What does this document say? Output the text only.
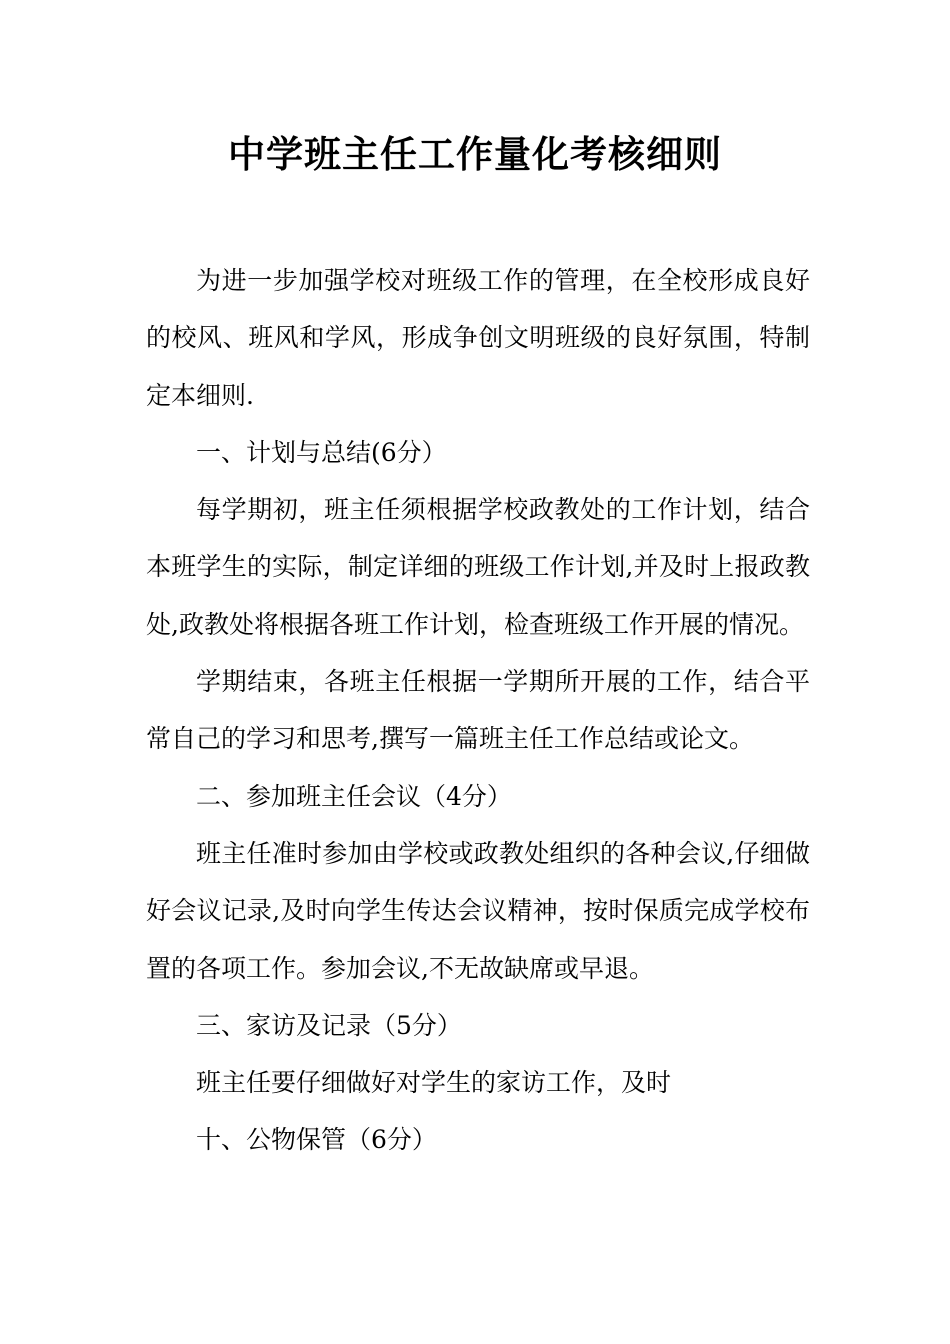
中学班主任工作量化考核细则

为进一步加强学校对班级工作的管理，在全校形成良好的校风、班风和学风，形成争创文明班级的良好氛围，特制定本细则.

一、计划与总结(6分）

每学期初，班主任须根据学校政教处的工作计划，结合本班学生的实际，制定详细的班级工作计划,并及时上报政教处,政教处将根据各班工作计划，检查班级工作开展的情况。

学期结束，各班主任根据一学期所开展的工作，结合平常自己的学习和思考,撰写一篇班主任工作总结或论文。

二、参加班主任会议（4分）

班主任准时参加由学校或政教处组织的各种会议,仔细做好会议记录,及时向学生传达会议精神，按时保质完成学校布置的各项工作。参加会议,不无故缺席或早退。

三、家访及记录（5分）

班主任要仔细做好对学生的家访工作，及时

十、公物保管（6分）
